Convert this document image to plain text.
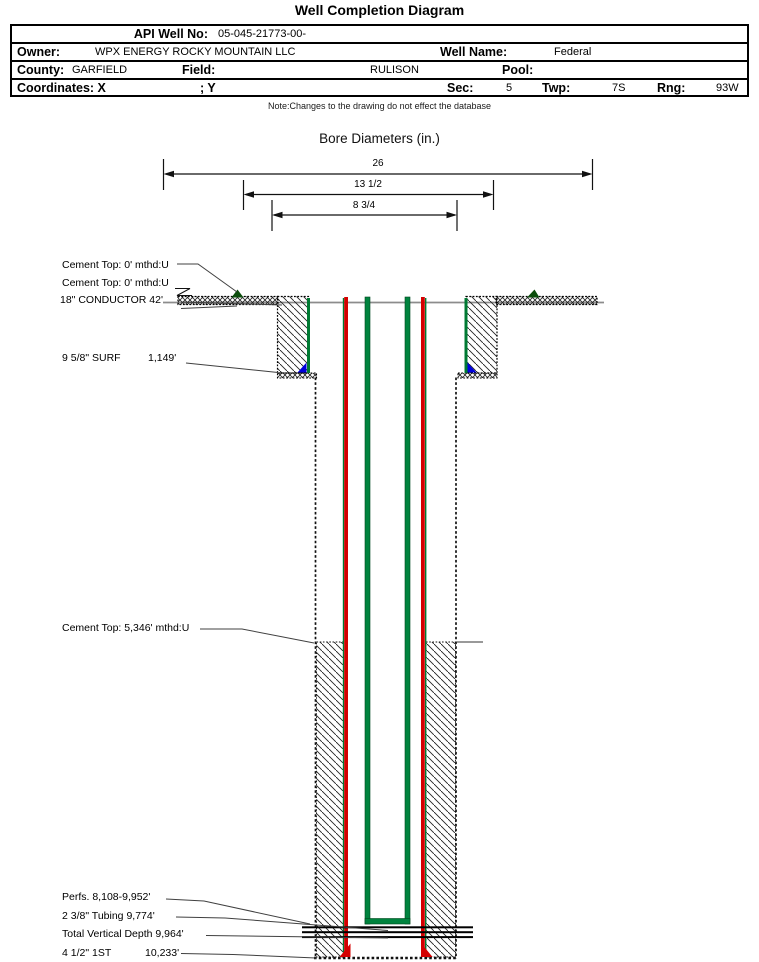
Well Completion Diagram
API Well No: 05-045-21773-00-
Owner:	WPX ENERGY ROCKY MOUNTAIN LLC	Well Name:	Federal
County: GARFIELD	Field:	RULISON	Pool:
Coordinates: X	; Y	Sec:	5 Twp:	7S	Rng:	93W
Note:Changes to the drawing do not effect the database
Bore Diameters (in.)
26
13 1/2
8 3/4
Cement Top: 0' mthd:U
Cement Top: 0' mthd:U
18" CONDUCTOR 42'
9 5/8" SURF	1,149'
Cement Top: 5,346' mthd:U
Perfs. 8,108-9,952'
2 3/8" Tubing 9,774'
Total Vertical Depth 9,964'
4 1/2" 1ST	10,233'
